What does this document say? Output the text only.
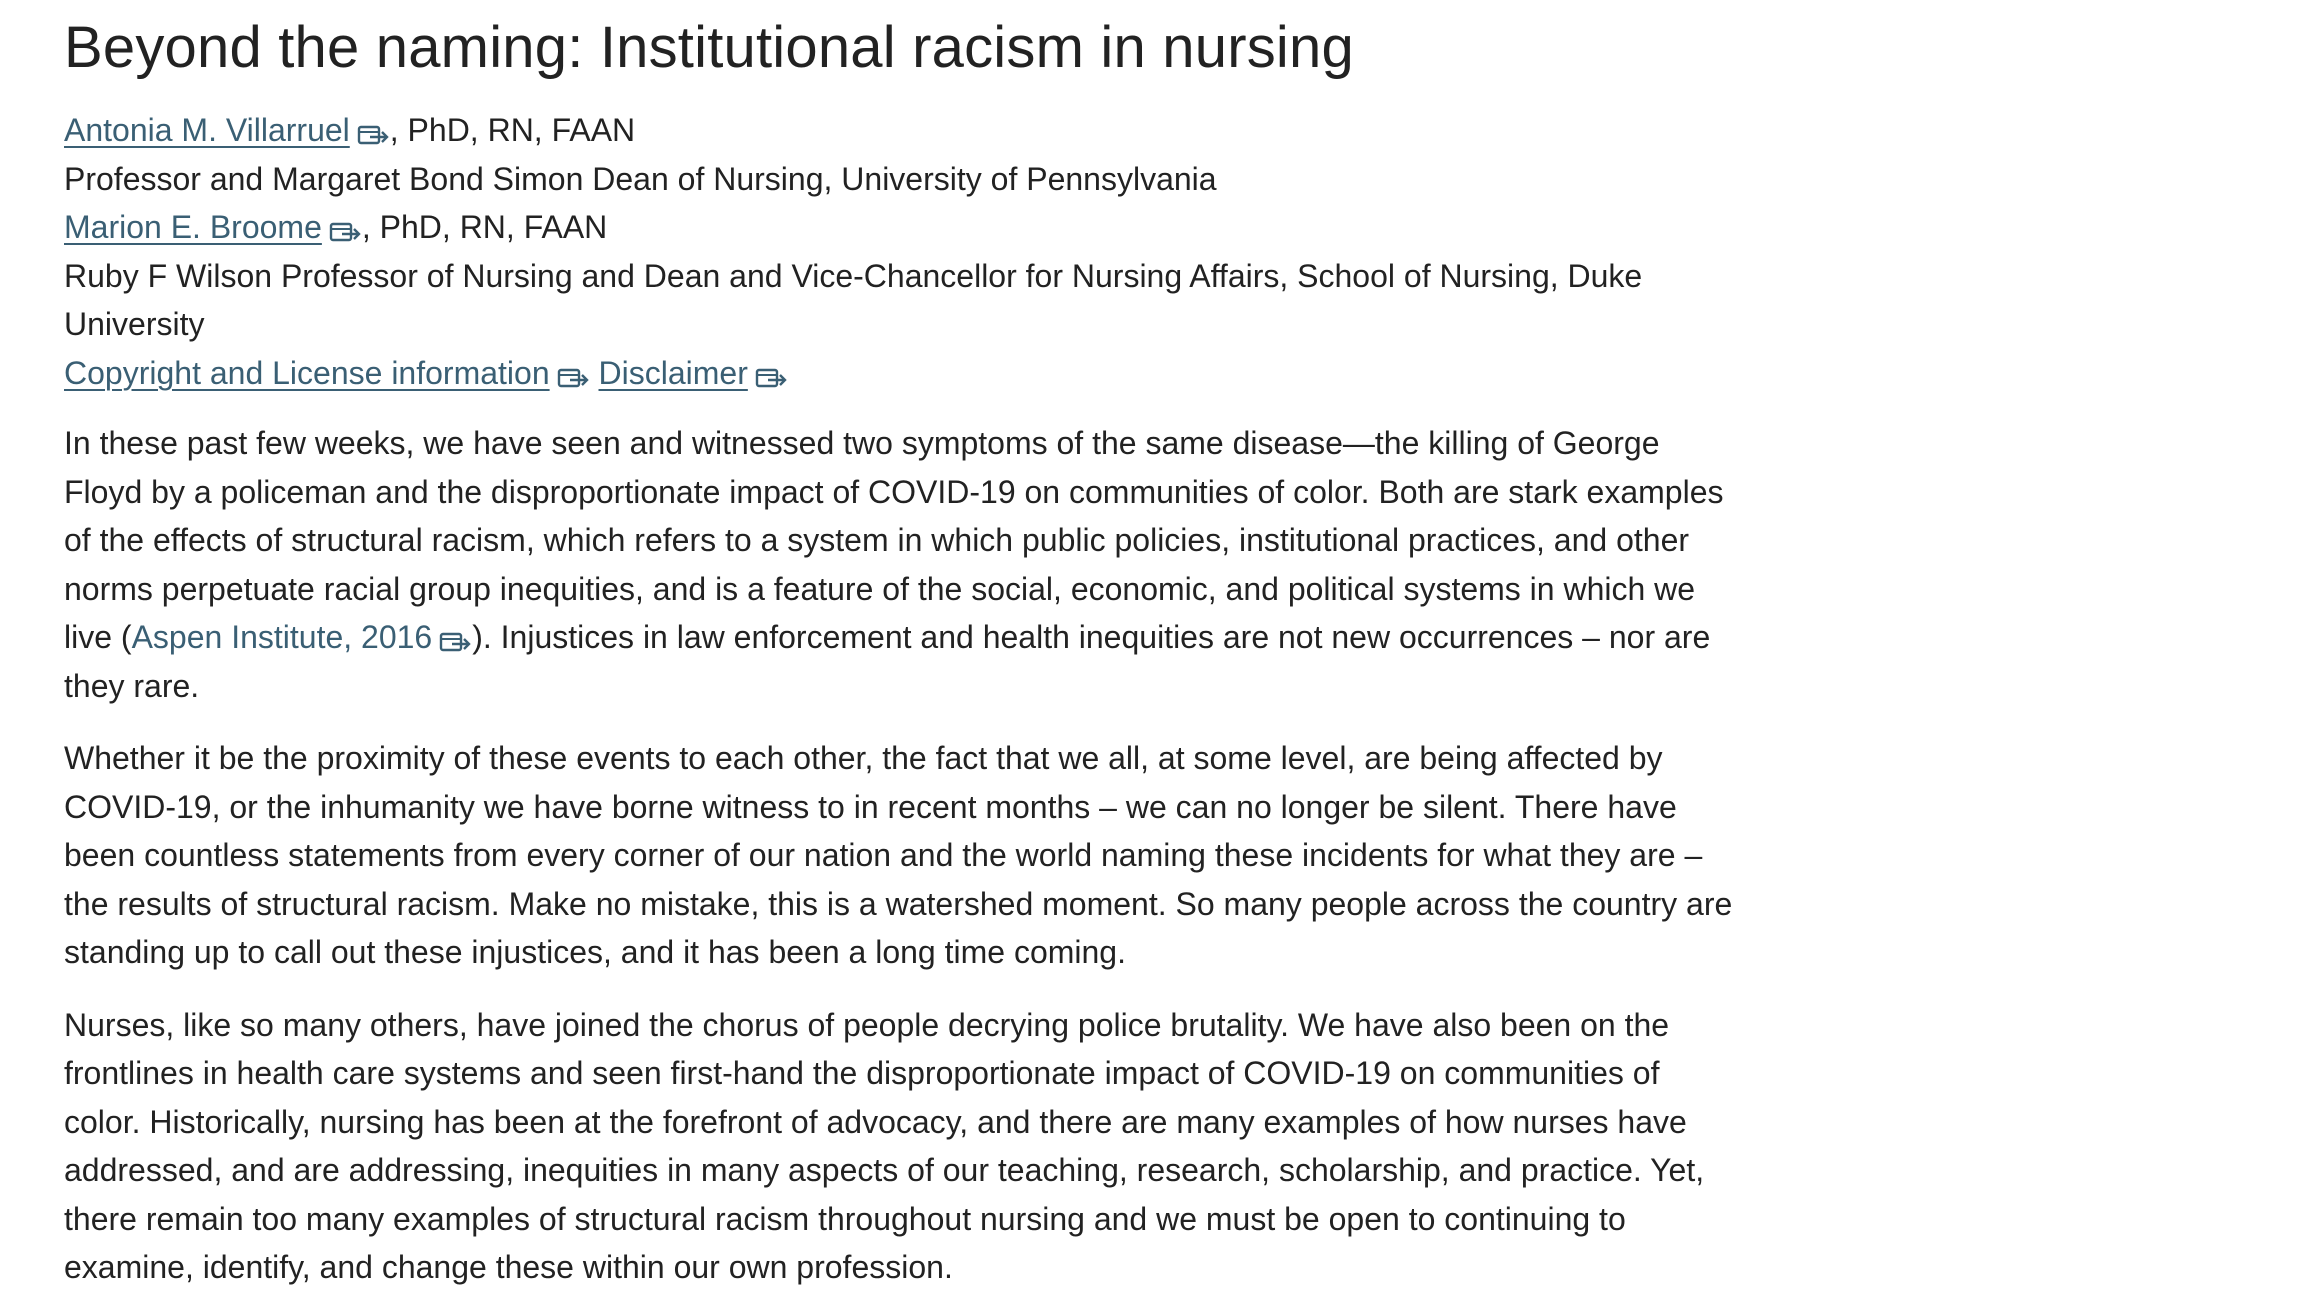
Beyond the naming: Institutional racism in nursing
Antonia M. Villarruel , PhD, RN, FAAN
Professor and Margaret Bond Simon Dean of Nursing, University of Pennsylvania
Marion E. Broome , PhD, RN, FAAN
Ruby F Wilson Professor of Nursing and Dean and Vice-Chancellor for Nursing Affairs, School of Nursing, Duke
University
Copyright and License information Disclaimer

In these past few weeks, we have seen and witnessed two symptoms of the same disease—the killing of George Floyd by a policeman and the disproportionate impact of COVID-19 on communities of color. Both are stark examples of the effects of structural racism, which refers to a system in which public policies, institutional practices, and other norms perpetuate racial group inequities, and is a feature of the social, economic, and political systems in which we live (Aspen Institute, 2016 ). Injustices in law enforcement and health inequities are not new occurrences – nor are they rare.

Whether it be the proximity of these events to each other, the fact that we all, at some level, are being affected by COVID-19, or the inhumanity we have borne witness to in recent months – we can no longer be silent. There have been countless statements from every corner of our nation and the world naming these incidents for what they are – the results of structural racism. Make no mistake, this is a watershed moment. So many people across the country are standing up to call out these injustices, and it has been a long time coming.

Nurses, like so many others, have joined the chorus of people decrying police brutality. We have also been on the frontlines in health care systems and seen first-hand the disproportionate impact of COVID-19 on communities of color. Historically, nursing has been at the forefront of advocacy, and there are many examples of how nurses have addressed, and are addressing, inequities in many aspects of our teaching, research, scholarship, and practice. Yet, there remain too many examples of structural racism throughout nursing and we must be open to continuing to examine, identify, and change these within our own profession.
